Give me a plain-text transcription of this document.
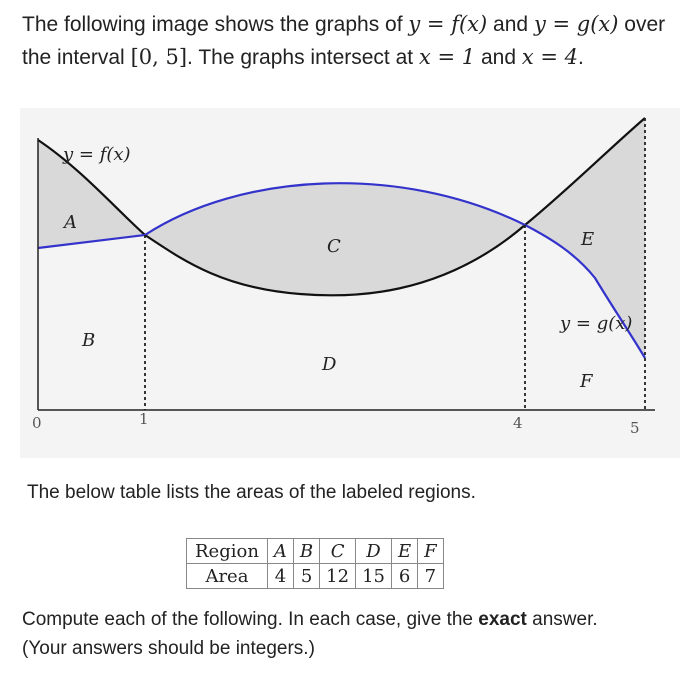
The following image shows the graphs of y = f(x) and y = g(x) over the interval [0, 5]. The graphs intersect at x = 1 and x = 4.
y = f(x)
y = g(x)
A
B
C
D
E
F
0	1	4	5
The below table lists the areas of the labeled regions.
Region	A	B	C	D	E	F
Area	4	5	12	15	6	7
Compute each of the following. In each case, give the exact answer.
(Your answers should be integers.)
